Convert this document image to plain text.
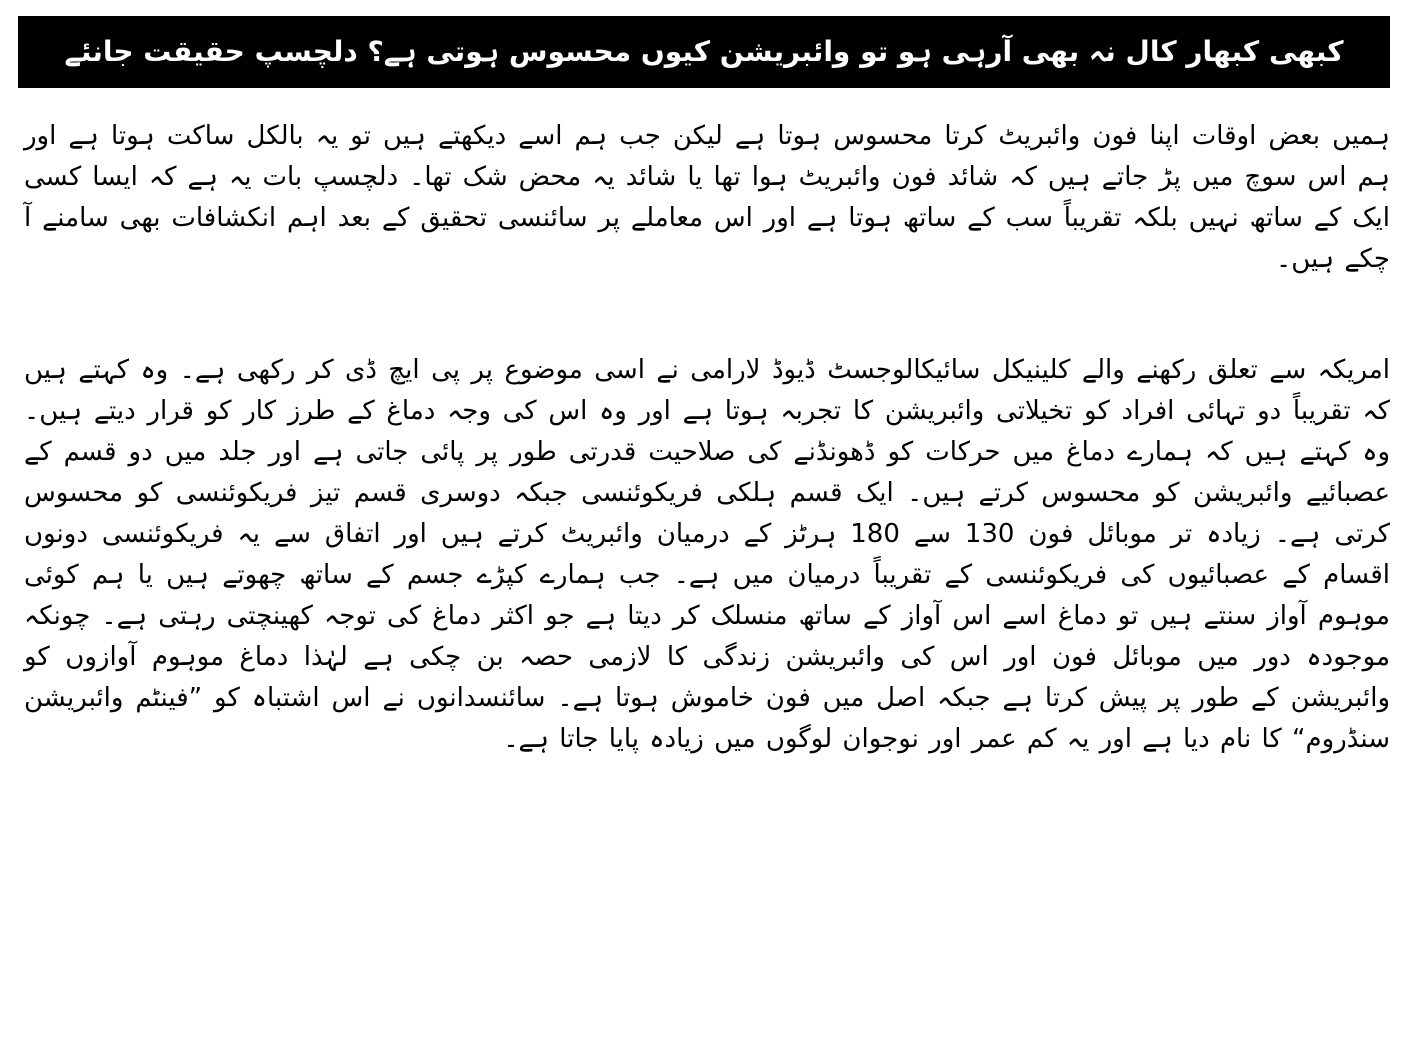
کبھی کبھار کال نہ بھی آرہی ہو تو وائبریشن کیوں محسوس ہوتی ہے؟ دلچسپ حقیقت جانئے

ہمیں بعض اوقات اپنا فون وائبریٹ کرتا محسوس ہوتا ہے لیکن جب ہم اسے دیکھتے ہیں تو یہ بالکل ساکت ہوتا ہے اور ہم اس سوچ میں پڑ جاتے ہیں کہ شائد فون وائبریٹ ہوا تھا یا شائد یہ محض شک تھا۔ دلچسپ بات یہ ہے کہ ایسا کسی ایک کے ساتھ نہیں بلکہ تقریباً سب کے ساتھ ہوتا ہے اور اس معاملے پر سائنسی تحقیق کے بعد اہم انکشافات بھی سامنے آ چکے ہیں۔

امریکہ سے تعلق رکھنے والے کلینیکل سائیکالوجسٹ ڈیوڈ لارامی نے اسی موضوع پر پی ایچ ڈی کر رکھی ہے۔ وہ کہتے ہیں کہ تقریباً دو تہائی افراد کو تخیلاتی وائبریشن کا تجربہ ہوتا ہے اور وہ اس کی وجہ دماغ کے طرز کار کو قرار دیتے ہیں۔ وہ کہتے ہیں کہ ہمارے دماغ میں حرکات کو ڈھونڈنے کی صلاحیت قدرتی طور پر پائی جاتی ہے اور جلد میں دو قسم کے عصبائیے وائبریشن کو محسوس کرتے ہیں۔ ایک قسم ہلکی فریکوئنسی جبکہ دوسری قسم تیز فریکوئنسی کو محسوس کرتی ہے۔ زیادہ تر موبائل فون 130 سے 180 ہرٹز کے درمیان وائبریٹ کرتے ہیں اور اتفاق سے یہ فریکوئنسی دونوں اقسام کے عصبائیوں کی فریکوئنسی کے تقریباً درمیان میں ہے۔ جب ہمارے کپڑے جسم کے ساتھ چھوتے ہیں یا ہم کوئی موہوم آواز سنتے ہیں تو دماغ اسے اس آواز کے ساتھ منسلک کر دیتا ہے جو اکثر دماغ کی توجہ کھینچتی رہتی ہے۔ چونکہ موجودہ دور میں موبائل فون اور اس کی وائبریشن زندگی کا لازمی حصہ بن چکی ہے لہٰذا دماغ موہوم آوازوں کو وائبریشن کے طور پر پیش کرتا ہے جبکہ اصل میں فون خاموش ہوتا ہے۔ سائنسدانوں نے اس اشتباہ کو ”فینٹم وائبریشن سنڈروم“ کا نام دیا ہے اور یہ کم عمر اور نوجوان لوگوں میں زیادہ پایا جاتا ہے۔
